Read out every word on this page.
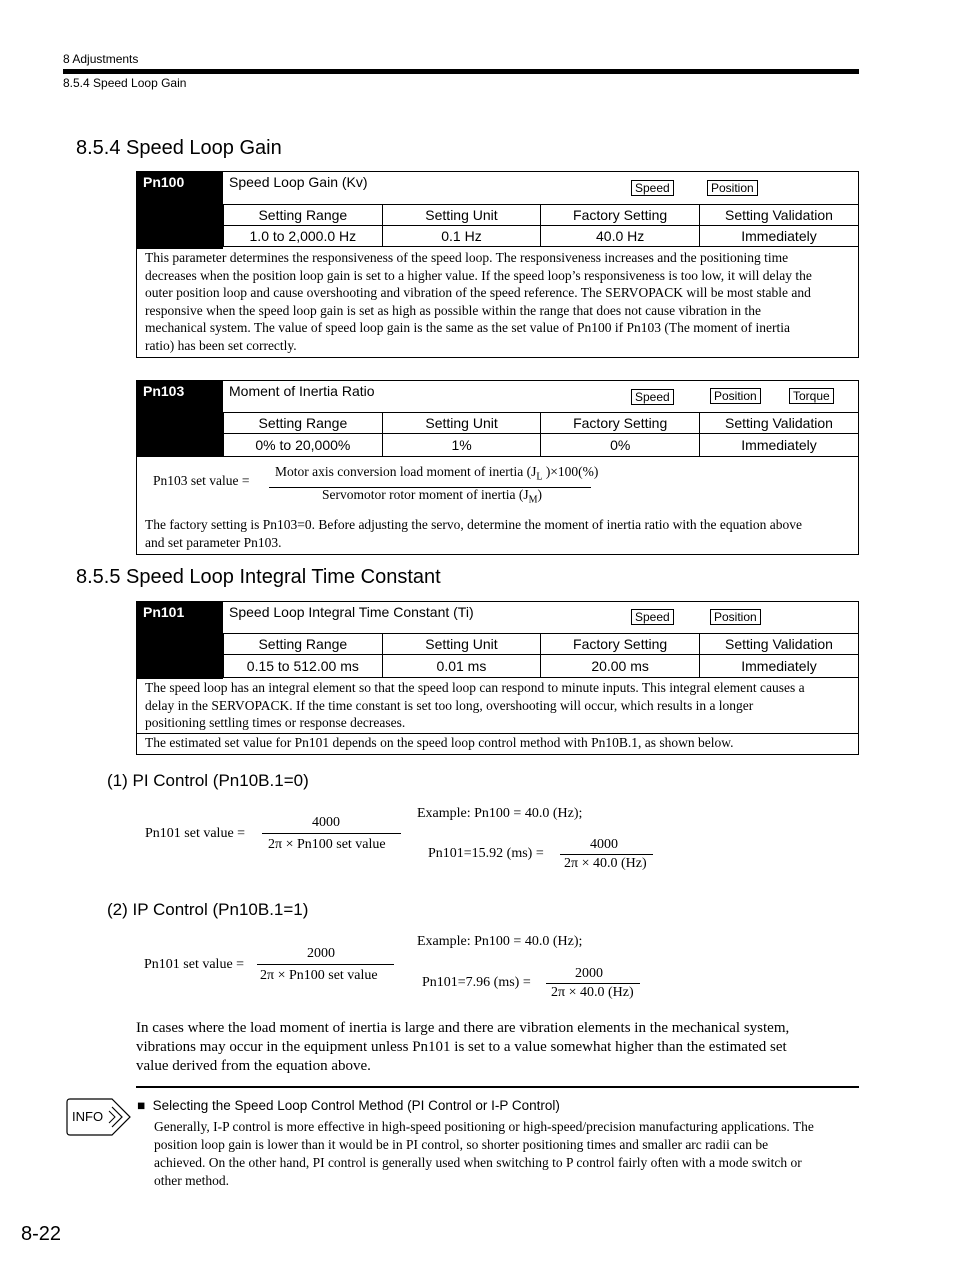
8 Adjustments
8.5.4 Speed Loop Gain
8.5.4 Speed Loop Gain
Pn100	Speed Loop Gain (Kv)	Speed	Position
Setting Range	Setting Unit	Factory Setting	Setting Validation
1.0 to 2,000.0 Hz	0.1 Hz	40.0 Hz	Immediately
This parameter determines the responsiveness of the speed loop. The responsiveness increases and the positioning time
decreases when the position loop gain is set to a higher value. If the speed loop’s responsiveness is too low, it will delay the
outer position loop and cause overshooting and vibration of the speed reference. The SERVOPACK will be most stable and
responsive when the speed loop gain is set as high as possible within the range that does not cause vibration in the
mechanical system. The value of speed loop gain is the same as the set value of Pn100 if Pn103 (The moment of inertia
ratio) has been set correctly.
Pn103	Moment of Inertia Ratio	Speed	Position	Torque
Setting Range	Setting Unit	Factory Setting	Setting Validation
0% to 20,000%	1%	0%	Immediately
Pn103 set value =
Motor axis conversion load moment of inertia ($J_L$ )×100(%)
Servomotor rotor moment of inertia $(J_M)$
The factory setting is Pn103=0. Before adjusting the servo, determine the moment of inertia ratio with the equation above
and set parameter Pn103.
8.5.5 Speed Loop Integral Time Constant
Pn101	Speed Loop Integral Time Constant (Ti)	Speed	Position
Setting Range	Setting Unit	Factory Setting	Setting Validation
0.15 to 512.00 ms	0.01 ms	20.00 ms	Immediately
The speed loop has an integral element so that the speed loop can respond to minute inputs. This integral element causes a
delay in the SERVOPACK. If the time constant is set too long, overshooting will occur, which results in a longer
positioning settling times or response decreases.
The estimated set value for Pn101 depends on the speed loop control method with Pn10B.1, as shown below.
(1) PI Control (Pn10B.1=0)
Pn101 set value =
4000
2π × Pn100 set value
Example: Pn100 = 40.0 (Hz);
Pn101=15.92 (ms) =
4000
2π × 40.0 (Hz)
(2) IP Control (Pn10B.1=1)
Pn101 set value =
2000
2π × Pn100 set value
Example: Pn100 = 40.0 (Hz);
Pn101=7.96 (ms) =
2000
2π × 40.0 (Hz)
In cases where the load moment of inertia is large and there are vibration elements in the mechanical system,
vibrations may occur in the equipment unless Pn101 is set to a value somewhat higher than the estimated set
value derived from the equation above.
INFO
■ Selecting the Speed Loop Control Method (PI Control or I-P Control)
Generally, I-P control is more effective in high-speed positioning or high-speed/precision manufacturing applications. The
position loop gain is lower than it would be in PI control, so shorter positioning times and smaller arc radii can be
achieved. On the other hand, PI control is generally used when switching to P control fairly often with a mode switch or
other method.
8-22
